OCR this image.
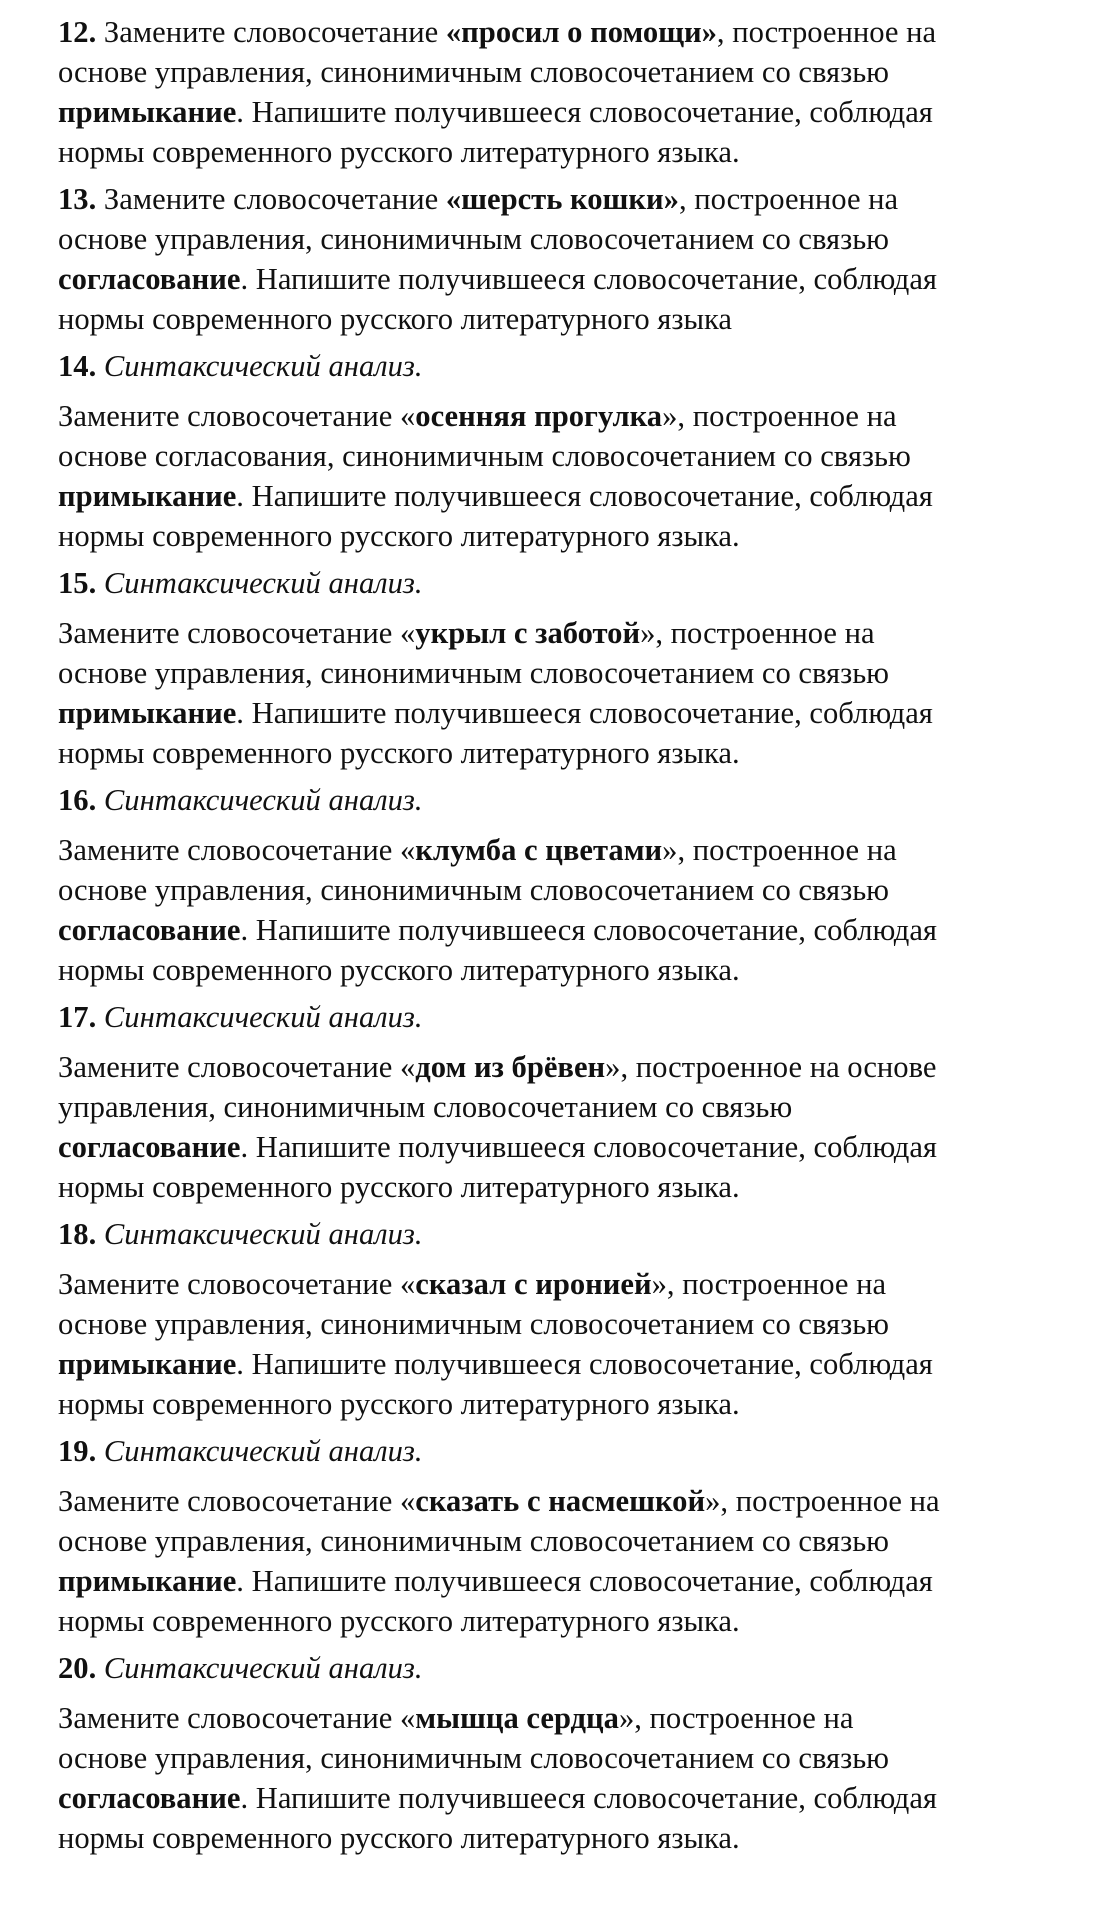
12. Замените словосочетание «просил о помощи», построенное на
основе управления, синонимичным словосочетанием со связью
примыкание. Напишите получившееся словосочетание, соблюдая
нормы современного русского литературного языка.
13. Замените словосочетание «шерсть кошки», построенное на
основе управления, синонимичным словосочетанием со связью
согласование. Напишите получившееся словосочетание, соблюдая
нормы современного русского литературного языка
14. Синтаксический анализ.
Замените словосочетание «осенняя прогулка», построенное на
основе согласования, синонимичным словосочетанием со связью
примыкание. Напишите получившееся словосочетание, соблюдая
нормы современного русского литературного языка.
15. Синтаксический анализ.
Замените словосочетание «укрыл с заботой», построенное на
основе управления, синонимичным словосочетанием со связью
примыкание. Напишите получившееся словосочетание, соблюдая
нормы современного русского литературного языка.
16. Синтаксический анализ.
Замените словосочетание «клумба с цветами», построенное на
основе управления, синонимичным словосочетанием со связью
согласование. Напишите получившееся словосочетание, соблюдая
нормы современного русского литературного языка.
17. Синтаксический анализ.
Замените словосочетание «дом из брёвен», построенное на основе
управления, синонимичным словосочетанием со связью
согласование. Напишите получившееся словосочетание, соблюдая
нормы современного русского литературного языка.
18. Синтаксический анализ.
Замените словосочетание «сказал с иронией», построенное на
основе управления, синонимичным словосочетанием со связью
примыкание. Напишите получившееся словосочетание, соблюдая
нормы современного русского литературного языка.
19. Синтаксический анализ.
Замените словосочетание «сказать с насмешкой», построенное на
основе управления, синонимичным словосочетанием со связью
примыкание. Напишите получившееся словосочетание, соблюдая
нормы современного русского литературного языка.
20. Синтаксический анализ.
Замените словосочетание «мышца сердца», построенное на
основе управления, синонимичным словосочетанием со связью
согласование. Напишите получившееся словосочетание, соблюдая
нормы современного русского литературного языка.
